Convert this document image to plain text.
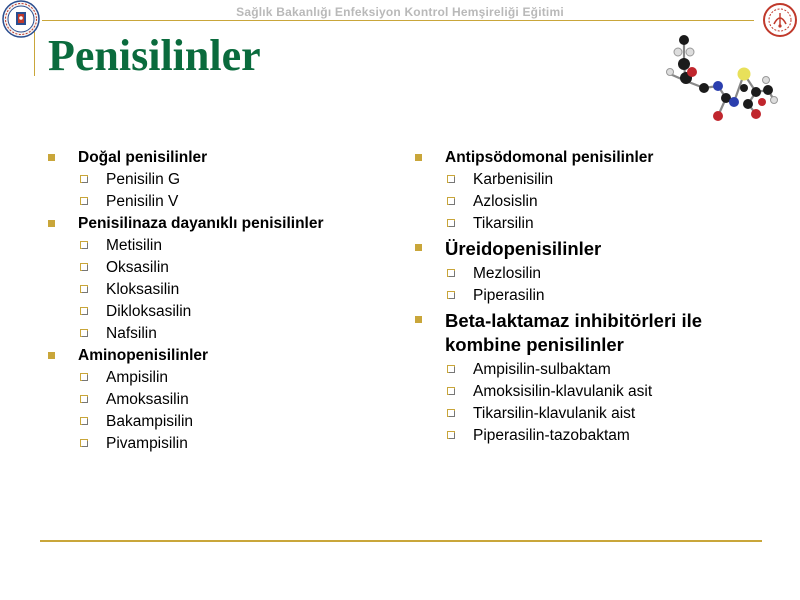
Sağlık Bakanlığı Enfeksiyon Kontrol Hemşireliği Eğitimi
Penisilinler
Doğal penisilinler
Penisilin G
Penisilin V
Penisilinaza dayanıklı penisilinler
Metisilin
Oksasilin
Kloksasilin
Dikloksasilin
Nafsilin
Aminopenisilinler
Ampisilin
Amoksasilin
Bakampisilin
Pivampisilin
Antipsödomonal penisilinler
Karbenisilin
Azlosislin
Tikarsilin
Üreidopenisilinler
Mezlosilin
Piperasilin
Beta-laktamaz inhibitörleri ile kombine penisilinler
Ampisilin-sulbaktam
Amoksisilin-klavulanik asit
Tikarsilin-klavulanik aist
Piperasilin-tazobaktam
